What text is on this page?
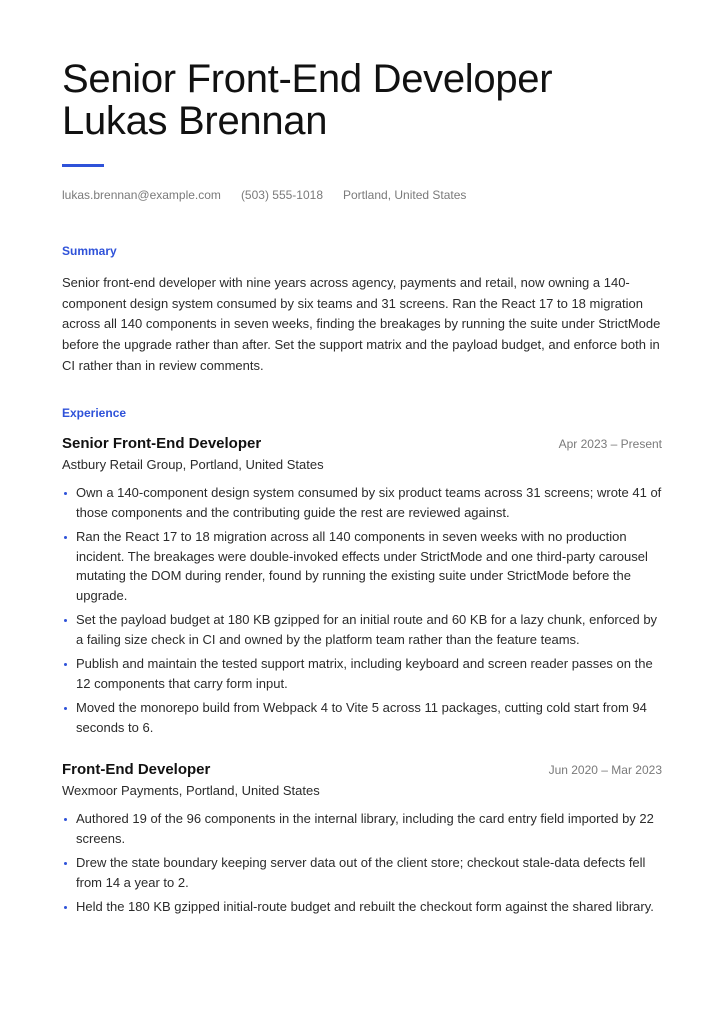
Senior Front-End Developer
Lukas Brennan
lukas.brennan@example.com (503) 555-1018 Portland, United States
Summary

Senior front-end developer with nine years across agency, payments and retail, now owning a 140-component design system consumed by six teams and 31 screens. Ran the React 17 to 18 migration across all 140 components in seven weeks, finding the breakages by running the suite under StrictMode before the upgrade rather than after. Set the support matrix and the payload budget, and enforce both in CI rather than in review comments.

Experience
Senior Front-End Developer	Apr 2023 – Present
Astbury Retail Group, Portland, United States
Own a 140-component design system consumed by six product teams across 31 screens; wrote 41 of those components and the contributing guide the rest are reviewed against.
Ran the React 17 to 18 migration across all 140 components in seven weeks with no production incident. The breakages were double-invoked effects under StrictMode and one third-party carousel mutating the DOM during render, found by running the existing suite under StrictMode before the upgrade.
Set the payload budget at 180 KB gzipped for an initial route and 60 KB for a lazy chunk, enforced by a failing size check in CI and owned by the platform team rather than the feature teams.
Publish and maintain the tested support matrix, including keyboard and screen reader passes on the 12 components that carry form input.
Moved the monorepo build from Webpack 4 to Vite 5 across 11 packages, cutting cold start from 94 seconds to 6.
Front-End Developer	Jun 2020 – Mar 2023
Wexmoor Payments, Portland, United States
Authored 19 of the 96 components in the internal library, including the card entry field imported by 22 screens.
Drew the state boundary keeping server data out of the client store; checkout stale-data defects fell from 14 a year to 2.
Held the 180 KB gzipped initial-route budget and rebuilt the checkout form against the shared library.
